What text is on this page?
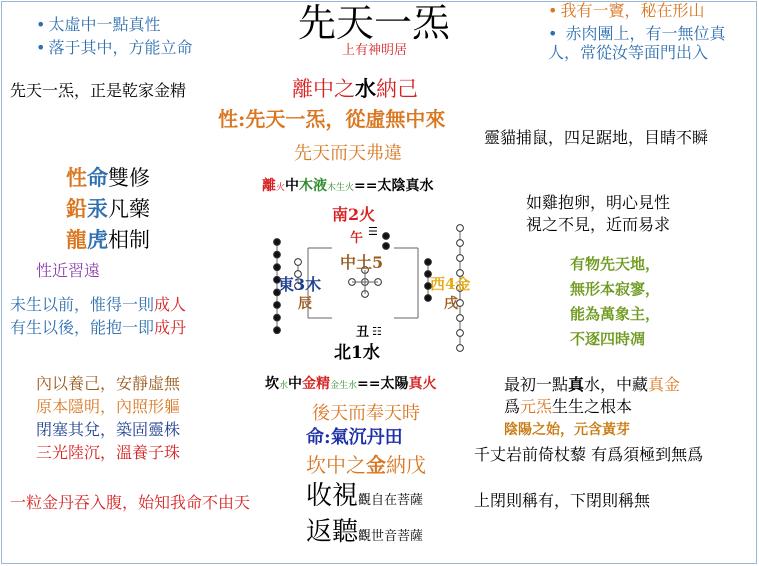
先天一炁
上有神明居
• 太虛中一點真性
• 落于其中，方能立命
• 我有一竇，秘在形山
• 赤肉團上，有一無位真人，常從汝等面門出入
先天一炁，正是乾家金精
性命雙修
鉛汞凡藥
龍虎相制
性近習遠
未生以前，惟得一則成人
有生以後，能抱一即成丹
離中之水納己
性:先天一炁，從虛無中來
先天而天弗違
離火中木液木生火==太陰真水
靈貓捕鼠，四足踞地，目睛不瞬
如雞抱卵，明心見性
視之不見，近而易求
有物先天地，
無形本寂寥，
能為萬象主，
不逐四時凋
南2火
午 ☰
中土5
東3木
辰
西4金
戌
丑 ☷
北1水
坎水中金精金生水==太陽真火
內以養己，安靜虛無
原本隱明，內照形軀
閉塞其兌，築固靈株
三光陸沉，溫養子珠
一粒金丹吞入腹，始知我命不由天
後天而奉天時
命:氣沉丹田
坎中之金納戊
收視觀自在菩薩
返聽觀世音菩薩
最初一點真水，中藏真金
爲元炁生生之根本
陰陽之始，元含黃芽
千丈岩前倚杖藜 有爲須極到無爲
上閉則稱有，下閉則稱無
